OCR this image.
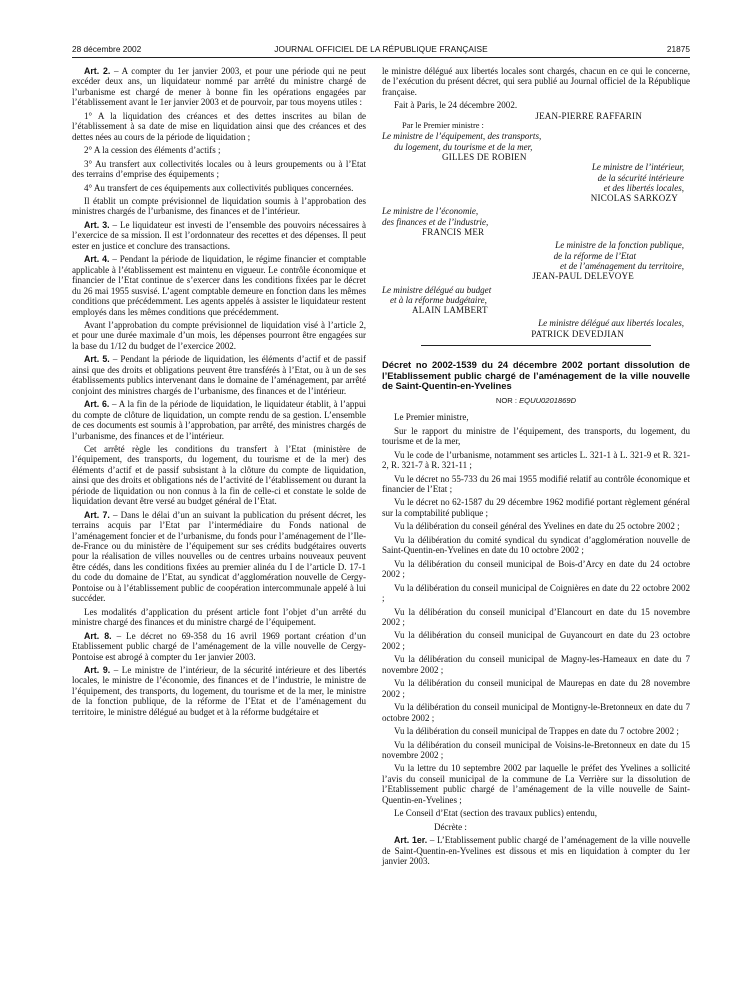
28 décembre 2002	JOURNAL OFFICIEL DE LA RÉPUBLIQUE FRANÇAISE	21875

Art. 2. – A compter du 1er janvier 2003, et pour une période qui ne peut excéder deux ans, un liquidateur nommé par arrêté du ministre chargé de l’urbanisme est chargé de mener à bonne fin les opérations engagées par l’établissement avant le 1er janvier 2003 et de pourvoir, par tous moyens utiles :

1° A la liquidation des créances et des dettes inscrites au bilan de l’établissement à sa date de mise en liquidation ainsi que des créances et des dettes nées au cours de la période de liquidation ;

2° A la cession des éléments d’actifs ;

3° Au transfert aux collectivités locales ou à leurs groupements ou à l’Etat des terrains d’emprise des équipements ;

4° Au transfert de ces équipements aux collectivités publiques concernées.

Il établit un compte prévisionnel de liquidation soumis à l’approbation des ministres chargés de l’urbanisme, des finances et de l’intérieur.

Art. 3. – Le liquidateur est investi de l’ensemble des pouvoirs nécessaires à l’exercice de sa mission. Il est l’ordonnateur des recettes et des dépenses. Il peut ester en justice et conclure des transactions.

Art. 4. – Pendant la période de liquidation, le régime financier et comptable applicable à l’établissement est maintenu en vigueur. Le contrôle économique et financier de l’Etat continue de s’exercer dans les conditions fixées par le décret du 26 mai 1955 susvisé. L’agent comptable demeure en fonction dans les mêmes conditions que précédemment. Les agents appelés à assister le liquidateur restent employés dans les mêmes conditions que précédemment.

Avant l’approbation du compte prévisionnel de liquidation visé à l’article 2, et pour une durée maximale d’un mois, les dépenses pourront être engagées sur la base du 1/12 du budget de l’exercice 2002.

Art. 5. – Pendant la période de liquidation, les éléments d’actif et de passif ainsi que des droits et obligations peuvent être transférés à l’Etat, ou à un de ses établissements publics intervenant dans le domaine de l’aménagement, par arrêté conjoint des ministres chargés de l’urbanisme, des finances et de l’intérieur.

Art. 6. – A la fin de la période de liquidation, le liquidateur établit, à l’appui du compte de clôture de liquidation, un compte rendu de sa gestion. L’ensemble de ces documents est soumis à l’approbation, par arrêté, des ministres chargés de l’urbanisme, des finances et de l’intérieur.

Cet arrêté règle les conditions du transfert à l’Etat (ministère de l’équipement, des transports, du logement, du tourisme et de la mer) des éléments d’actif et de passif subsistant à la clôture du compte de liquidation, ainsi que des droits et obligations nés de l’activité de l’établissement ou durant la période de liquidation ou non connus à la fin de celle-ci et constate le solde de liquidation devant être versé au budget général de l’Etat.

Art. 7. – Dans le délai d’un an suivant la publication du présent décret, les terrains acquis par l’Etat par l’intermédiaire du Fonds national de l’aménagement foncier et de l’urbanisme, du fonds pour l’aménagement de l’Ile-de-France ou du ministère de l’équipement sur ses crédits budgétaires ouverts pour la réalisation de villes nouvelles ou de centres urbains nouveaux peuvent être cédés, dans les conditions fixées au premier alinéa du I de l’article D. 17-1 du code du domaine de l’Etat, au syndicat d’agglomération nouvelle de Cergy-Pontoise ou à l’établissement public de coopération intercommunale appelé à lui succéder.

Les modalités d’application du présent article font l’objet d’un arrêté du ministre chargé des finances et du ministre chargé de l’équipement.

Art. 8. – Le décret no 69-358 du 16 avril 1969 portant création d’un Etablissement public chargé de l’aménagement de la ville nouvelle de Cergy-Pontoise est abrogé à compter du 1er janvier 2003.

Art. 9. – Le ministre de l’intérieur, de la sécurité intérieure et des libertés locales, le ministre de l’économie, des finances et de l’industrie, le ministre de l’équipement, des transports, du logement, du tourisme et de la mer, le ministre de la fonction publique, de la réforme de l’Etat et de l’aménagement du territoire, le ministre délégué au budget et à la réforme budgétaire et

le ministre délégué aux libertés locales sont chargés, chacun en ce qui le concerne, de l’exécution du présent décret, qui sera publié au Journal officiel de la République française.

Fait à Paris, le 24 décembre 2002.

JEAN-PIERRE RAFFARIN
Par le Premier ministre :
Le ministre de l’équipement, des transports,
du logement, du tourisme et de la mer,
GILLES DE ROBIEN
Le ministre de l’intérieur,
de la sécurité intérieure
et des libertés locales,
NICOLAS SARKOZY
Le ministre de l’économie,
des finances et de l’industrie,
FRANCIS MER
Le ministre de la fonction publique,
de la réforme de l’Etat
et de l’aménagement du territoire,
JEAN-PAUL DELEVOYE
Le ministre délégué au budget
et à la réforme budgétaire,
ALAIN LAMBERT
Le ministre délégué aux libertés locales,
PATRICK DEVEDJIAN

Décret no 2002-1539 du 24 décembre 2002 portant dissolution de l’Etablissement public chargé de l’aménagement de la ville nouvelle de Saint-Quentin-en-Yvelines

NOR : EQUU0201869D

Le Premier ministre,

Sur le rapport du ministre de l’équipement, des transports, du logement, du tourisme et de la mer,

Vu le code de l’urbanisme, notamment ses articles L. 321-1 à L. 321-9 et R. 321-2, R. 321-7 à R. 321-11 ;

Vu le décret no 55-733 du 26 mai 1955 modifié relatif au contrôle économique et financier de l’Etat ;

Vu le décret no 62-1587 du 29 décembre 1962 modifié portant règlement général sur la comptabilité publique ;

Vu la délibération du conseil général des Yvelines en date du 25 octobre 2002 ;

Vu la délibération du comité syndical du syndicat d’agglomération nouvelle de Saint-Quentin-en-Yvelines en date du 10 octobre 2002 ;

Vu la délibération du conseil municipal de Bois-d’Arcy en date du 24 octobre 2002 ;

Vu la délibération du conseil municipal de Coignières en date du 22 octobre 2002 ;

Vu la délibération du conseil municipal d’Elancourt en date du 15 novembre 2002 ;

Vu la délibération du conseil municipal de Guyancourt en date du 23 octobre 2002 ;

Vu la délibération du conseil municipal de Magny-les-Hameaux en date du 7 novembre 2002 ;

Vu la délibération du conseil municipal de Maurepas en date du 28 novembre 2002 ;

Vu la délibération du conseil municipal de Montigny-le-Bretonneux en date du 7 octobre 2002 ;

Vu la délibération du conseil municipal de Trappes en date du 7 octobre 2002 ;

Vu la délibération du conseil municipal de Voisins-le-Bretonneux en date du 15 novembre 2002 ;

Vu la lettre du 10 septembre 2002 par laquelle le préfet des Yvelines a sollicité l’avis du conseil municipal de la commune de La Verrière sur la dissolution de l’Etablissement public chargé de l’aménagement de la ville nouvelle de Saint-Quentin-en-Yvelines ;

Le Conseil d’Etat (section des travaux publics) entendu,

Décrète :

Art. 1er. – L’Etablissement public chargé de l’aménagement de la ville nouvelle de Saint-Quentin-en-Yvelines est dissous et mis en liquidation à compter du 1er janvier 2003.
